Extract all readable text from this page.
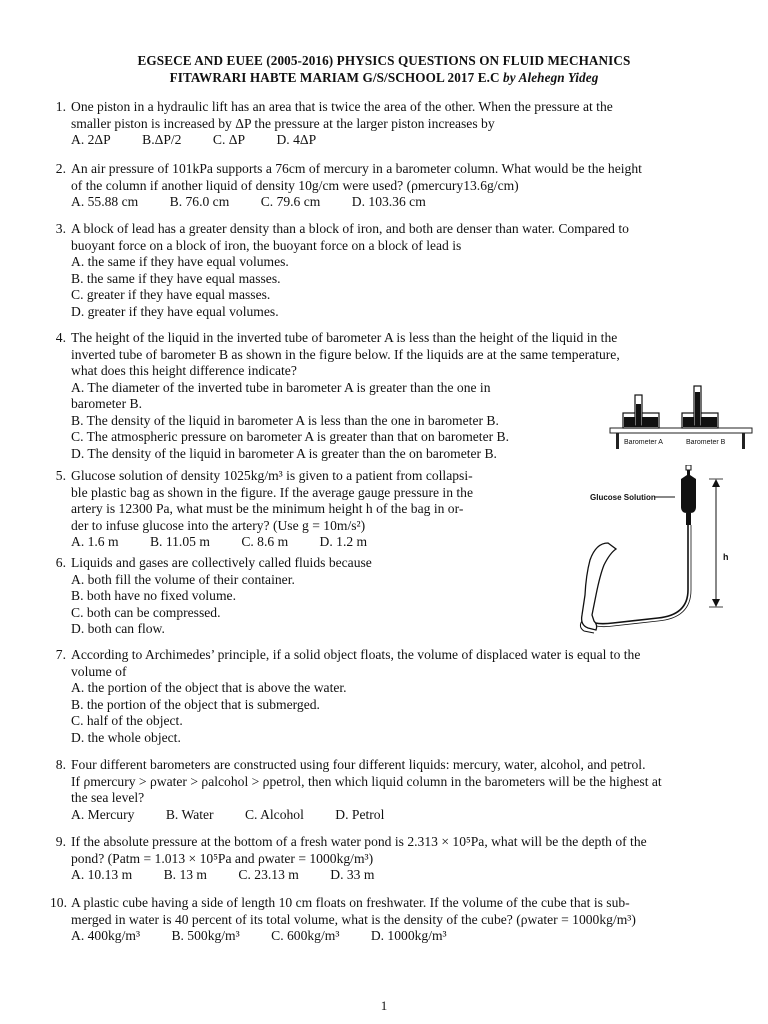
EGSECE AND EUEE (2005-2016) PHYSICS QUESTIONS ON FLUID MECHANICS
FITAWRARI HABTE MARIAM G/S/SCHOOL 2017 E.C by Alehegn Yideg
1. One piston in a hydraulic lift has an area that is twice the area of the other. When the pressure at the
smaller piston is increased by ΔP the pressure at the larger piston increases by
A. 2ΔP B.ΔP/2 C. ΔP D. 4ΔP
2. An air pressure of 101kPa supports a 76cm of mercury in a barometer column. What would be the height
of the column if another liquid of density 10g/cm were used? (ρmercury13.6g/cm)
A. 55.88 cm B. 76.0 cm C. 79.6 cm D. 103.36 cm
3. A block of lead has a greater density than a block of iron, and both are denser than water. Compared to
buoyant force on a block of iron, the buoyant force on a block of lead is
A. the same if they have equal volumes.
B. the same if they have equal masses.
C. greater if they have equal masses.
D. greater if they have equal volumes.
4. The height of the liquid in the inverted tube of barometer A is less than the height of the liquid in the
inverted tube of barometer B as shown in the figure below. If the liquids are at the same temperature,
what does this height difference indicate?
A. The diameter of the inverted tube in barometer A is greater than the one in
barometer B.
B. The density of the liquid in barometer A is less than the one in barometer B.
C. The atmospheric pressure on barometer A is greater than that on barometer B.
D. The density of the liquid in barometer A is greater than the on barometer B.
5. Glucose solution of density 1025kg/m³ is given to a patient from collapsi-
ble plastic bag as shown in the figure. If the average gauge pressure in the
artery is 12300 Pa, what must be the minimum height h of the bag in or-
der to infuse glucose into the artery? (Use g = 10m/s²)
A. 1.6 m B. 11.05 m C. 8.6 m D. 1.2 m
6. Liquids and gases are collectively called fluids because
A. both fill the volume of their container.
B. both have no fixed volume.
C. both can be compressed.
D. both can flow.
7. According to Archimedes’ principle, if a solid object floats, the volume of displaced water is equal to the
volume of
A. the portion of the object that is above the water.
B. the portion of the object that is submerged.
C. half of the object.
D. the whole object.
8. Four different barometers are constructed using four different liquids: mercury, water, alcohol, and petrol.
If ρmercury > ρwater > ρalcohol > ρpetrol, then which liquid column in the barometers will be the highest at
the sea level?
A. Mercury B. Water C. Alcohol D. Petrol
9. If the absolute pressure at the bottom of a fresh water pond is 2.313 × 10⁵Pa, what will be the depth of the
pond? (Patm = 1.013 × 10⁵Pa and ρwater = 1000kg/m³)
A. 10.13 m B. 13 m C. 23.13 m D. 33 m
10. A plastic cube having a side of length 10 cm floats on freshwater. If the volume of the cube that is sub-
merged in water is 40 percent of its total volume, what is the density of the cube? (ρwater = 1000kg/m³)
A. 400kg/m³ B. 500kg/m³ C. 600kg/m³ D. 1000kg/m³
Barometer A	Barometer B
Glucose Solution
h
1
